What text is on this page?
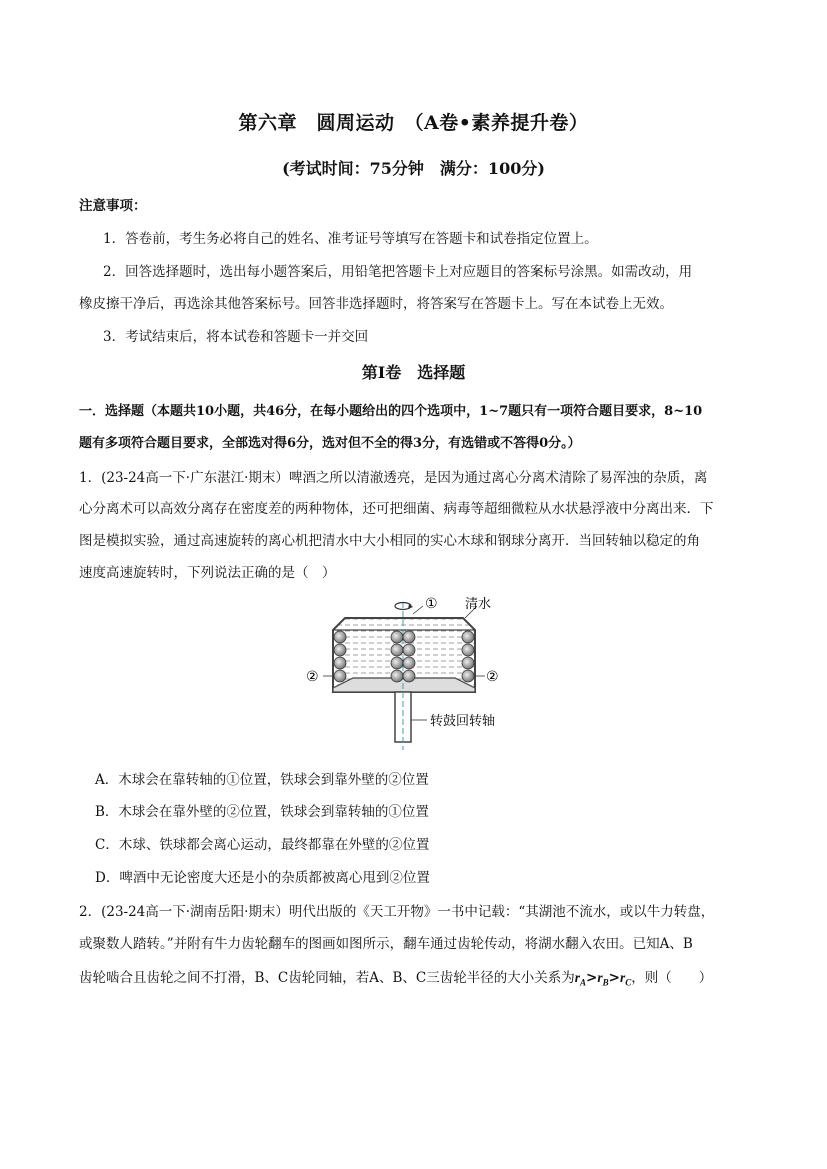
第六章　圆周运动　（A卷•素养提升卷）
(考试时间：75分钟　满分：100分)
注意事项：
1．答卷前，考生务必将自己的姓名、准考证号等填写在答题卡和试卷指定位置上。
2．回答选择题时，选出每小题答案后，用铅笔把答题卡上对应题目的答案标号涂黑。如需改动，用
橡皮擦干净后，再选涂其他答案标号。回答非选择题时，将答案写在答题卡上。写在本试卷上无效。
3．考试结束后，将本试卷和答题卡一并交回
第Ⅰ卷　选择题
一．选择题（本题共10小题，共46分，在每小题给出的四个选项中，1~7题只有一项符合题目要求，8~10
题有多项符合题目要求，全部选对得6分，选对但不全的得3分，有选错或不答得0分。）
1．(23-24高一下·广东湛江·期末）啤酒之所以清澈透亮，是因为通过离心分离术清除了易浑浊的杂质，离
心分离术可以高效分离存在密度差的两种物体，还可把细菌、病毒等超细微粒从水状悬浮液中分离出来．下
图是模拟实验，通过高速旋转的离心机把清水中大小相同的实心木球和钢球分离开．当回转轴以稳定的角
速度高速旋转时，下列说法正确的是（　）
① 清水
②	②
转鼓回转轴
A．木球会在靠转轴的①位置，铁球会到靠外壁的②位置
B．木球会在靠外壁的②位置，铁球会到靠转轴的①位置
C．木球、铁球都会离心运动，最终都靠在外壁的②位置
D．啤酒中无论密度大还是小的杂质都被离心甩到②位置
2．(23-24高一下·湖南岳阳·期末）明代出版的《天工开物》一书中记载：“其湖池不流水，或以牛力转盘，
或聚数人踏转。”并附有牛力齿轮翻车的图画如图所示，翻车通过齿轮传动，将湖水翻入农田。已知A、B
齿轮啮合且齿轮之间不打滑，B、C齿轮同轴，若A、B、C三齿轮半径的大小关系为$r_A>r_B>r_C$，则（　　）
